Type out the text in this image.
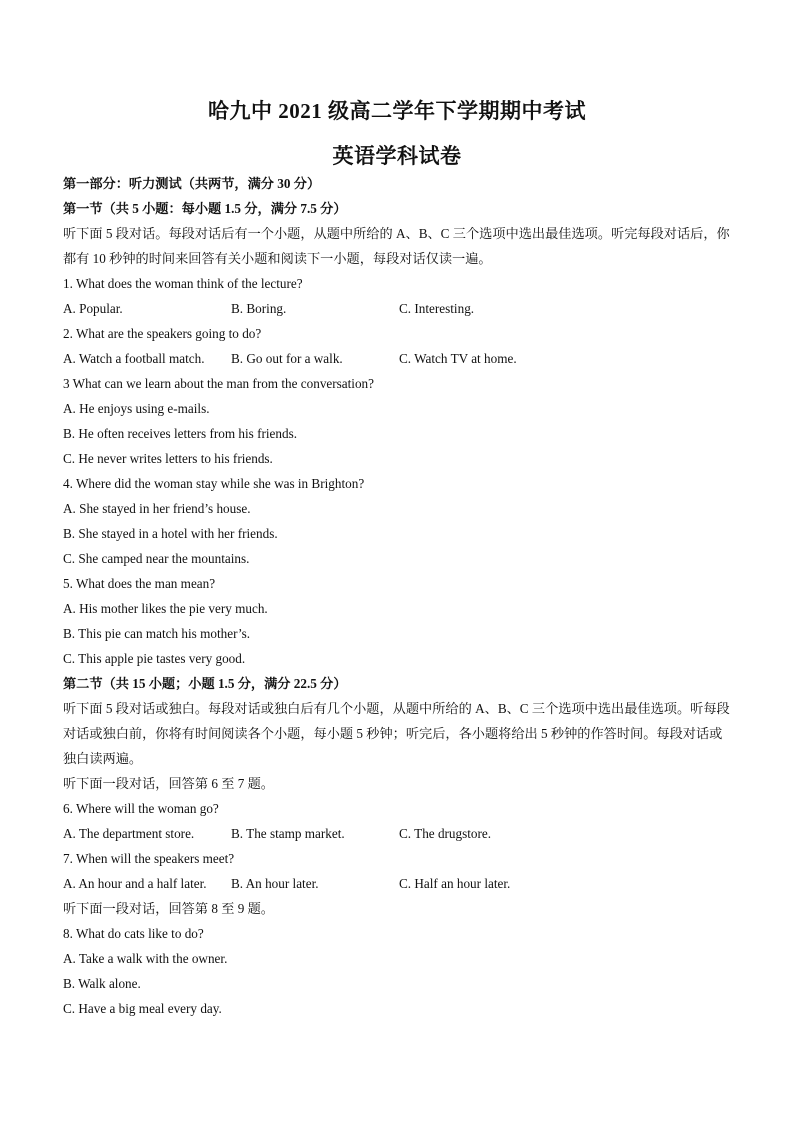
哈九中 2021 级高二学年下学期期中考试
英语学科试卷
第一部分：听力测试（共两节，满分 30 分）
第一节（共 5 小题：每小题 1.5 分，满分 7.5 分）
听下面 5 段对话。每段对话后有一个小题，从题中所给的 A、B、C 三个选项中选出最佳选项。听完每段对话后，你都有 10 秒钟的时间来回答有关小题和阅读下一小题，每段对话仅读一遍。
1. What does the woman think of the lecture?
A. Popular.	B. Boring.	C. Interesting.
2. What are the speakers going to do?
A. Watch a football match.	B. Go out for a walk.	C. Watch TV at home.
3 What can we learn about the man from the conversation?
A. He enjoys using e-mails.
B. He often receives letters from his friends.
C. He never writes letters to his friends.
4. Where did the woman stay while she was in Brighton?
A. She stayed in her friend’s house.
B. She stayed in a hotel with her friends.
C. She camped near the mountains.
5. What does the man mean?
A. His mother likes the pie very much.
B. This pie can match his mother’s.
C. This apple pie tastes very good.
第二节（共 15 小题；小题 1.5 分，满分 22.5 分）
听下面 5 段对话或独白。每段对话或独白后有几个小题，从题中所给的 A、B、C 三个选项中选出最佳选项。听每段对话或独白前，你将有时间阅读各个小题，每小题 5 秒钟；听完后，各小题将给出 5 秒钟的作答时间。每段对话或独白读两遍。
听下面一段对话，回答第 6 至 7 题。
6. Where will the woman go?
A. The department store.	B. The stamp market.	C. The drugstore.
7. When will the speakers meet?
A. An hour and a half later.	B. An hour later.	C. Half an hour later.
听下面一段对话，回答第 8 至 9 题。
8. What do cats like to do?
A. Take a walk with the owner.
B. Walk alone.
C. Have a big meal every day.
